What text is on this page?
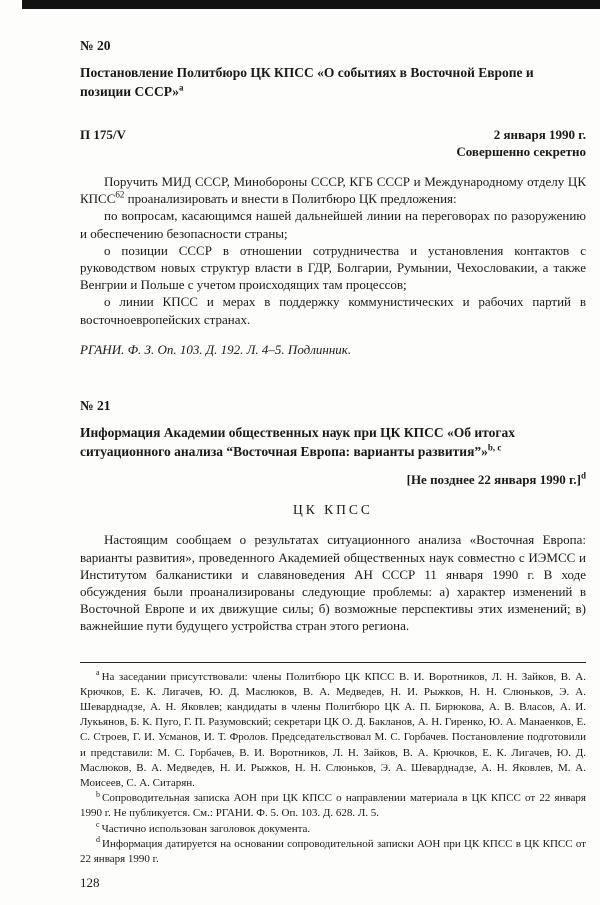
№ 20

Постановление Политбюро ЦК КПСС «О событиях в Восточной Европе и позиции СССР»$^a$
П 175/V	2 января 1990 г.
Совершенно секретно

Поручить МИД СССР, Минобороны СССР, КГБ СССР и Международному отделу ЦК КПСС$^{62}$ проанализировать и внести в Политбюро ЦК предложения:

по вопросам, касающимся нашей дальнейшей линии на переговорах по разоружению и обеспечению безопасности страны;

о позиции СССР в отношении сотрудничества и установления контактов с руководством новых структур власти в ГДР, Болгарии, Румынии, Чехословакии, а также Венгрии и Польше с учетом происходящих там процессов;

о линии КПСС и мерах в поддержку коммунистических и рабочих партий в восточноевропейских странах.

РГАНИ. Ф. З. Оп. 103. Д. 192. Л. 4–5. Подлинник.

№ 21

Информация Академии общественных наук при ЦК КПСС «Об итогах ситуационного анализа “Восточная Европа: варианты развития”»$^{b, c}$

[Не позднее 22 января 1990 г.]$^d$

ЦК КПСС

Настоящим сообщаем о результатах ситуационного анализа «Восточная Европа: варианты развития», проведенного Академией общественных наук совместно с ИЭМСС и Институтом балканистики и славяноведения АН СССР 11 января 1990 г. В ходе обсуждения были проанализированы следующие проблемы: а) характер изменений в Восточной Европе и их движущие силы; б) возможные перспективы этих изменений; в) важнейшие пути будущего устройства стран этого региона.

$^a$ На заседании присутствовали: члены Политбюро ЦК КПСС В. И. Воротников, Л. Н. Зайков, В. А. Крючков, Е. К. Лигачев, Ю. Д. Маслюков, В. А. Медведев, Н. И. Рыжков, Н. Н. Слюньков, Э. А. Шеварднадзе, А. Н. Яковлев; кандидаты в члены Политбюро ЦК А. П. Бирюкова, А. В. Власов, А. И. Лукьянов, Б. К. Пуго, Г. П. Разумовский; секретари ЦК О. Д. Бакланов, А. Н. Гиренко, Ю. А. Манаенков, Е. С. Строев, Г. И. Усманов, И. Т. Фролов. Председательствовал М. С. Горбачев. Постановление подготовили и представили: М. С. Горбачев, В. И. Воротников, Л. Н. Зайков, В. А. Крючков, Е. К. Лигачев, Ю. Д. Маслюков, В. А. Медведев, Н. И. Рыжков, Н. Н. Слюньков, Э. А. Шеварднадзе, А. Н. Яковлев, М. А. Моисеев, С. А. Ситарян.

$^b$ Сопроводительная записка АОН при ЦК КПСС о направлении материала в ЦК КПСС от 22 января 1990 г. Не публикуется. См.: РГАНИ. Ф. 5. Оп. 103. Д. 628. Л. 5.

$^c$ Частично использован заголовок документа.

$^d$ Информация датируется на основании сопроводительной записки АОН при ЦК КПСС в ЦК КПСС от 22 января 1990 г.

128
